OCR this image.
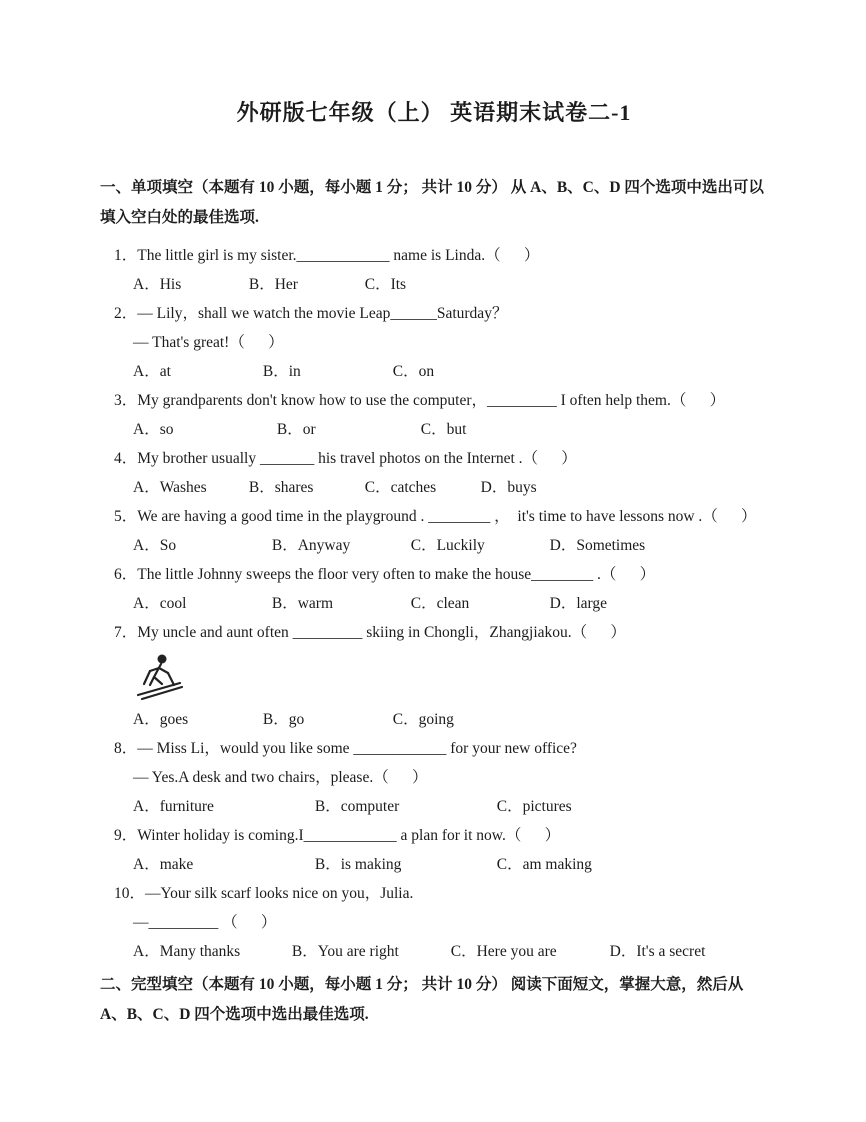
外研版七年级（上） 英语期末试卷二-1

一、单项填空（本题有 10 小题，每小题 1 分； 共计 10 分） 从 A、B、C、D 四个选项中选出可以填入空白处的最佳选项.

1．The little girl is my sister.____________ name is Linda.（      ）

A．His	B．Her	C．Its

2．— Lily，shall we watch the movie Leap______Saturday？

— That's great!（      ）

A．at	B．in	C．on

3．My grandparents don't know how to use the computer，_________ I often help them.（      ）

A．so	B．or	C．but

4．My brother usually _______ his travel photos on the Internet .（      ）

A．Washes	B．shares	C．catches	D．buys

5．We are having a good time in the playground . ________ ，  it's time to have lessons now .（      ）

A．So	B．Anyway	C．Luckily	D．Sometimes

6．The little Johnny sweeps the floor very often to make the house________ .（      ）

A．cool	B．warm	C．clean	D．large

7．My uncle and aunt often _________ skiing in Chongli，Zhangjiakou.（      ）

A．goes	B．go	C．going

8．— Miss Li，would you like some ____________ for your new office?

— Yes.A desk and two chairs，please.（      ）

A．furniture	B．computer	C．pictures

9．Winter holiday is coming.I____________ a plan for it now.（      ）

A．make	B．is making	C．am making

10．—Your silk scarf looks nice on you，Julia.

—_________ （      ）

A．Many thanks	B．You are right	C．Here you are	D．It's a secret

二、完型填空（本题有 10 小题，每小题 1 分； 共计 10 分） 阅读下面短文，掌握大意，然后从 A、B、C、D 四个选项中选出最佳选项.
